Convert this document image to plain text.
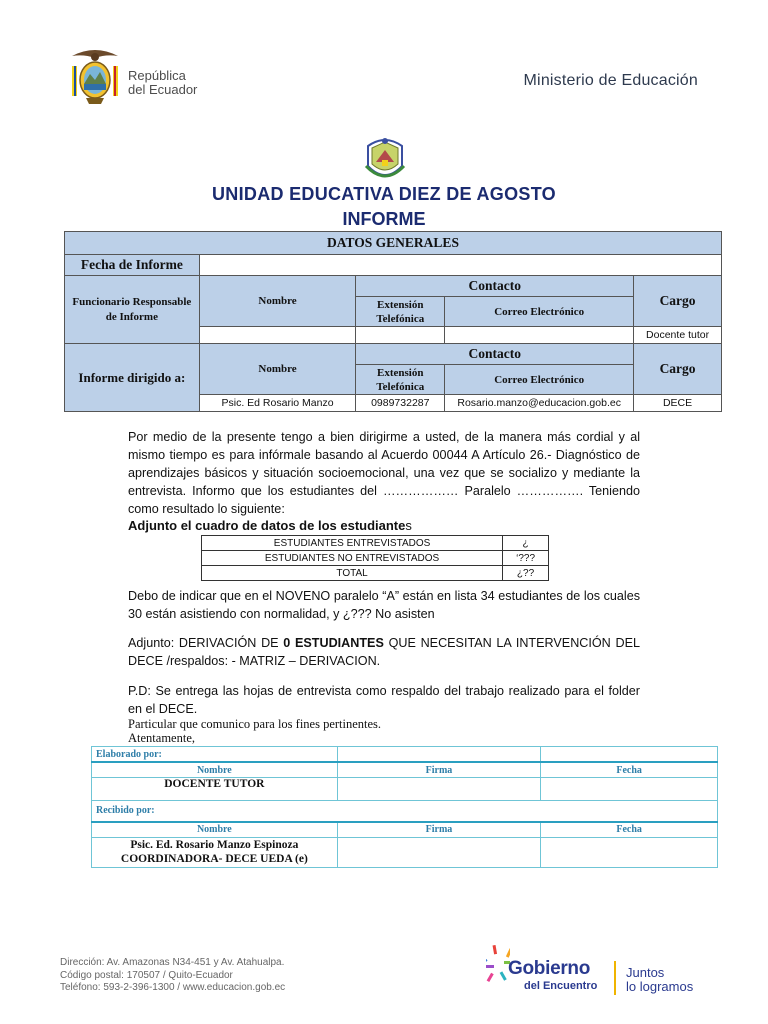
República
del Ecuador
Ministerio de Educación
UNIDAD EDUCATIVA DIEZ DE AGOSTO
INFORME
DATOS GENERALES				
Fecha de Informe				
Funcionario Responsable de Informe	Nombre	Contacto		Cargo
		Extensión Telefónica	Correo Electrónico	
				Docente tutor
Informe dirigido a:	Nombre	Contacto		Cargo
		Extensión Telefónica	Correo Electrónico	
	Psic. Ed Rosario Manzo	0989732287	Rosario.manzo@educacion.gob.ec	DECE
Por medio de la presente tengo a bien dirigirme a usted, de la manera más cordial y al mismo tiempo es para infórmale basando al Acuerdo 00044 A Artículo 26.- Diagnóstico de aprendizajes básicos y situación socioemocional, una vez que se socializo y mediante la entrevista. Informo que los estudiantes del ……………… Paralelo ……………. Teniendo como resultado lo siguiente:
Adjunto el cuadro de datos de los estudiantes
ESTUDIANTES ENTREVISTADOS	¿
ESTUDIANTES NO ENTREVISTADOS	‘???
TOTAL	¿??
Debo de indicar que en el NOVENO paralelo “A” están en lista 34 estudiantes de los cuales 30 están asistiendo con normalidad, y ¿??? No asisten
Adjunto: DERIVACIÓN DE 0 ESTUDIANTES QUE NECESITAN LA INTERVENCIÓN DEL DECE /respaldos: - MATRIZ – DERIVACION.
P.D: Se entrega las hojas de entrevista como respaldo del trabajo realizado para el folder en el DECE.
Particular que comunico para los fines pertinentes.
Atentamente,
Elaborado por:		
Nombre	Firma	Fecha
DOCENTE TUTOR		
Recibido por:		
Nombre	Firma	Fecha

Psic. Ed. Rosario Manzo Espinoza
COORDINADORA- DECE UEDA (e)		

Dirección: Av. Amazonas N34-451 y Av. Atahualpa.
Código postal: 170507 / Quito-Ecuador
Teléfono: 593-2-396-1300 / www.educacion.gob.ec
Gobierno
del Encuentro
Juntos
lo logramos
